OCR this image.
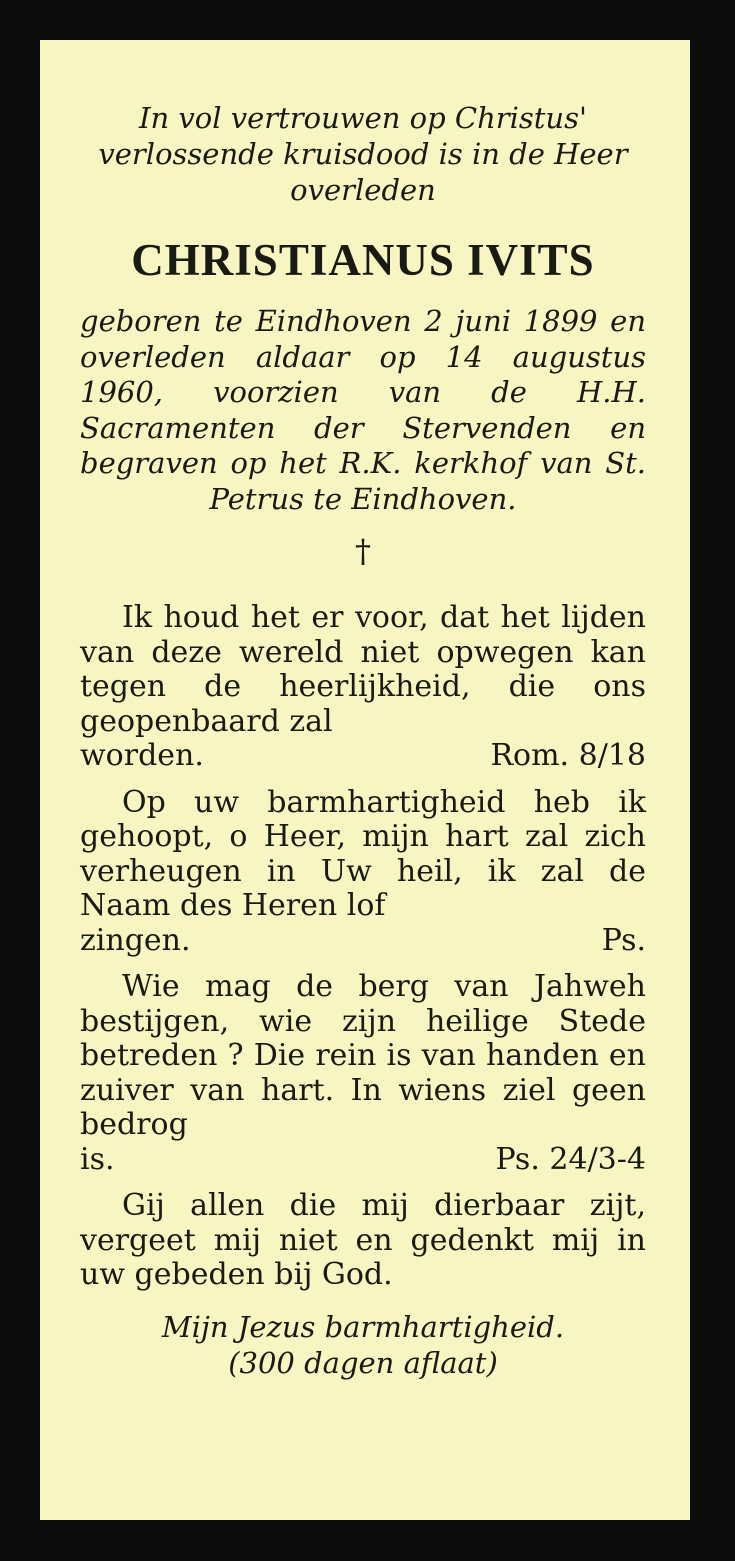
In vol vertrouwen op Christus' verlossende kruisdood is in de Heer overleden

CHRISTIANUS IVITS

geboren te Eindhoven 2 juni 1899 en overleden aldaar op 14 augustus 1960, voorzien van de H.H. Sacramenten der Stervenden en begraven op het R.K. kerkhof van St. Petrus te Eindhoven.

†
Ik houd het er voor, dat het lijden van deze wereld niet opwegen kan tegen de heerlijkheid, die ons geopenbaard zal
worden.	Rom. 8/18
Op uw barmhartigheid heb ik gehoopt, o Heer, mijn hart zal zich verheugen in Uw heil, ik zal de Naam des Heren lof
zingen.	Ps.
Wie mag de berg van Jahweh bestijgen, wie zijn heilige Stede betreden ? Die rein is van handen en zuiver van hart. In wiens ziel geen bedrog
is.	Ps. 24/3-4
Gij allen die mij dierbaar zijt, vergeet mij niet en gedenkt mij in uw gebeden bij God.

Mijn Jezus barmhartigheid.
(300 dagen aflaat)
